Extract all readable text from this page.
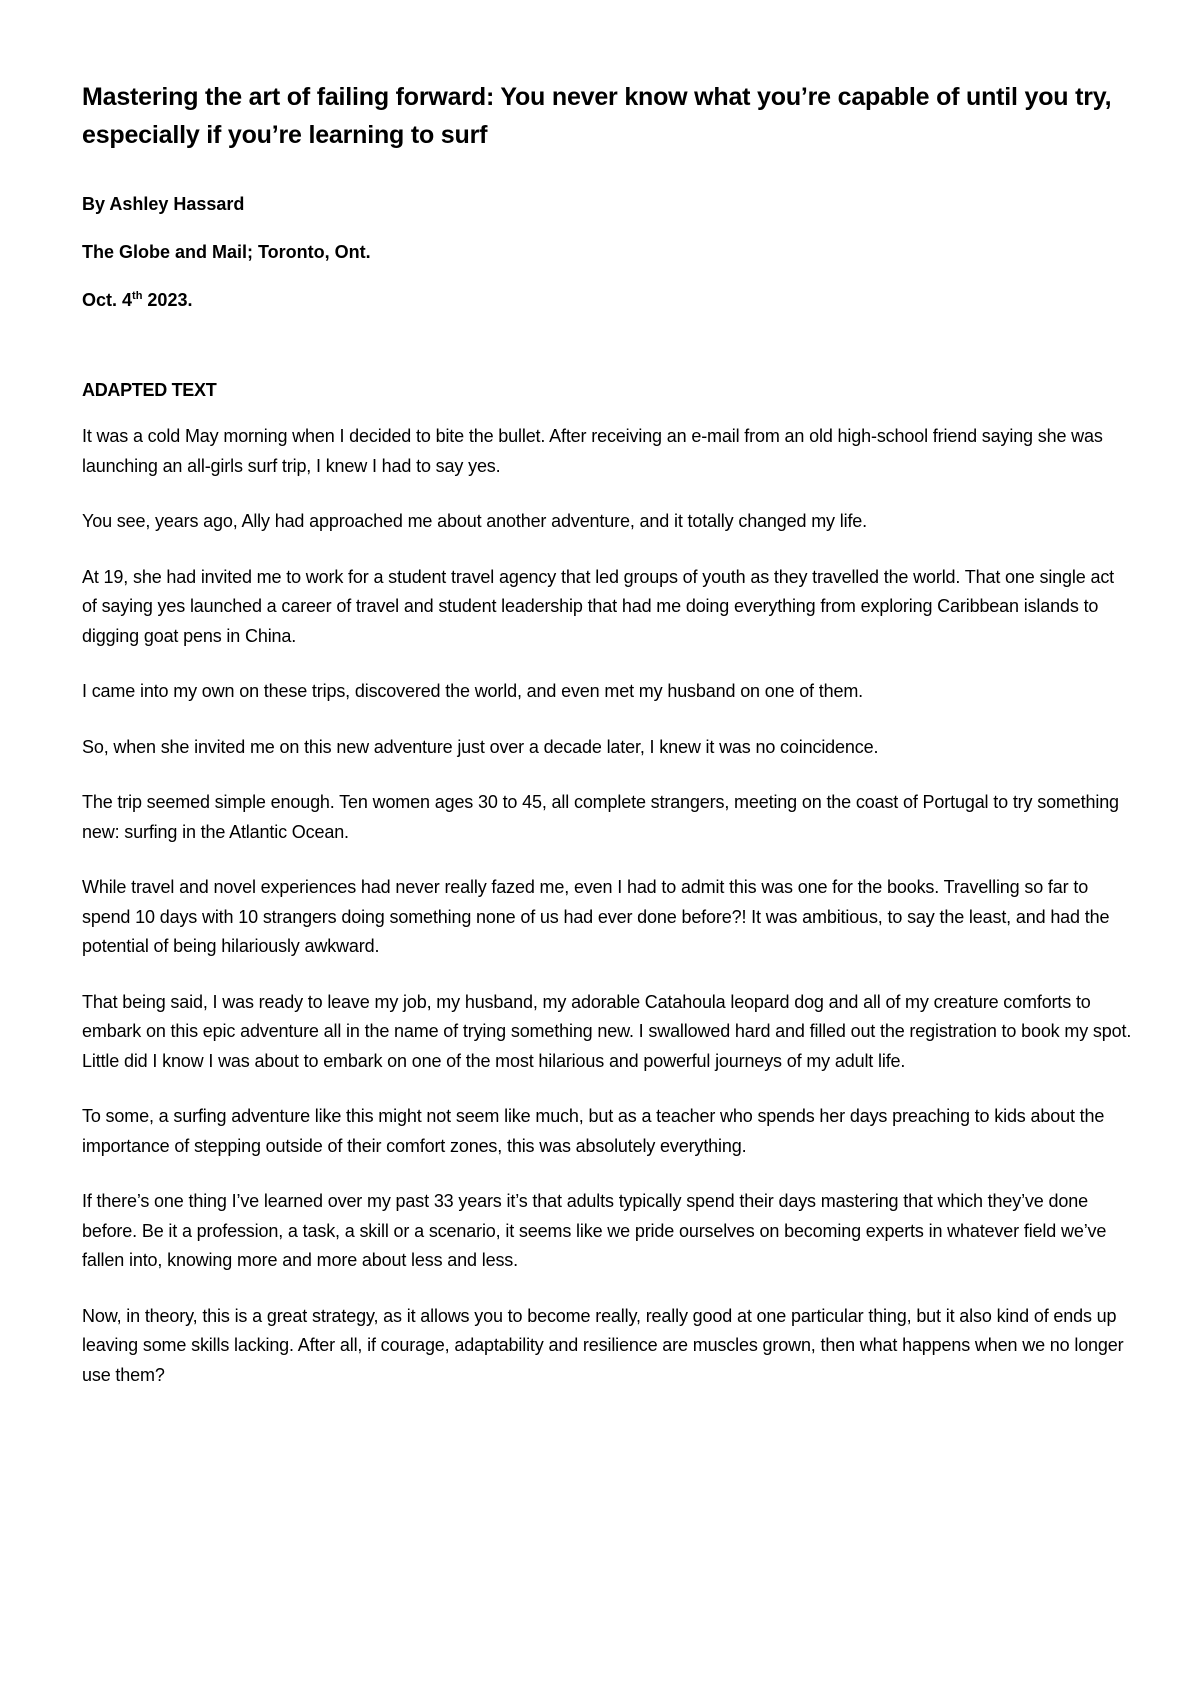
Mastering the art of failing forward: You never know what you’re capable of until you try, especially if you’re learning to surf
By Ashley Hassard
The Globe and Mail; Toronto, Ont.
Oct. 4th 2023.
ADAPTED TEXT

It was a cold May morning when I decided to bite the bullet. After receiving an e-mail from an old high-school friend saying she was launching an all-girls surf trip, I knew I had to say yes.

You see, years ago, Ally had approached me about another adventure, and it totally changed my life.

At 19, she had invited me to work for a student travel agency that led groups of youth as they travelled the world. That one single act of saying yes launched a career of travel and student leadership that had me doing everything from exploring Caribbean islands to digging goat pens in China.

I came into my own on these trips, discovered the world, and even met my husband on one of them.

So, when she invited me on this new adventure just over a decade later, I knew it was no coincidence.

The trip seemed simple enough. Ten women ages 30 to 45, all complete strangers, meeting on the coast of Portugal to try something new: surfing in the Atlantic Ocean.

While travel and novel experiences had never really fazed me, even I had to admit this was one for the books. Travelling so far to spend 10 days with 10 strangers doing something none of us had ever done before?! It was ambitious, to say the least, and had the potential of being hilariously awkward.

That being said, I was ready to leave my job, my husband, my adorable Catahoula leopard dog and all of my creature comforts to embark on this epic adventure all in the name of trying something new. I swallowed hard and filled out the registration to book my spot. Little did I know I was about to embark on one of the most hilarious and powerful journeys of my adult life.

To some, a surfing adventure like this might not seem like much, but as a teacher who spends her days preaching to kids about the importance of stepping outside of their comfort zones, this was absolutely everything.

If there’s one thing I’ve learned over my past 33 years it’s that adults typically spend their days mastering that which they’ve done before. Be it a profession, a task, a skill or a scenario, it seems like we pride ourselves on becoming experts in whatever field we’ve fallen into, knowing more and more about less and less.

Now, in theory, this is a great strategy, as it allows you to become really, really good at one particular thing, but it also kind of ends up leaving some skills lacking. After all, if courage, adaptability and resilience are muscles grown, then what happens when we no longer use them?
